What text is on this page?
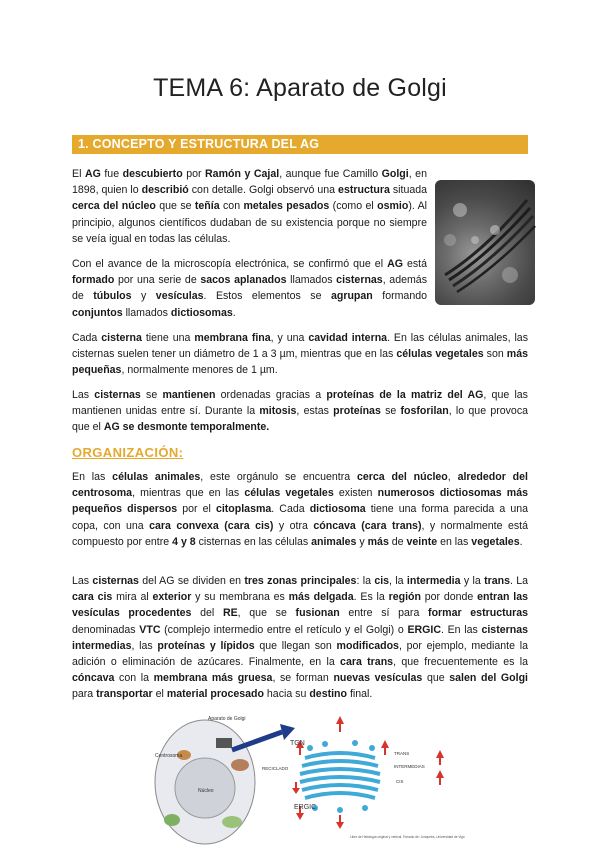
TEMA 6: Aparato de Golgi
1. CONCEPTO Y ESTRUCTURA DEL AG

El AG fue descubierto por Ramón y Cajal, aunque fue Camillo Golgi, en 1898, quien lo describió con detalle. Golgi observó una estructura situada cerca del núcleo que se teñía con metales pesados (como el osmio). Al principio, algunos científicos dudaban de su existencia porque no siempre se veía igual en todas las células.

Con el avance de la microscopía electrónica, se confirmó que el AG está formado por una serie de sacos aplanados llamados cisternas, además de túbulos y vesículas. Estos elementos se agrupan formando conjuntos llamados dictiosomas.

Cada cisterna tiene una membrana fina, y una cavidad interna. En las células animales, las cisternas suelen tener un diámetro de 1 a 3 µm, mientras que en las células vegetales son más pequeñas, normalmente menores de 1 µm.

Las cisternas se mantienen ordenadas gracias a proteínas de la matriz del AG, que las mantienen unidas entre sí. Durante la mitosis, estas proteínas se fosforilan, lo que provoca que el AG se desmonte temporalmente.

ORGANIZACIÓN:

En las células animales, este orgánulo se encuentra cerca del núcleo, alrededor del centrosoma, mientras que en las células vegetales existen numerosos dictiosomas más pequeños dispersos por el citoplasma. Cada dictiosoma tiene una forma parecida a una copa, con una cara convexa (cara cis) y otra cóncava (cara trans), y normalmente está compuesto por entre 4 y 8 cisternas en las células animales y más de veinte en las vegetales.

Las cisternas del AG se dividen en tres zonas principales: la cis, la intermedia y la trans. La cara cis mira al exterior y su membrana es más delgada. Es la región por donde entran las vesículas procedentes del RE, que se fusionan entre sí para formar estructuras denominadas VTC (complejo intermedio entre el retículo y el Golgi) o ERGIC. En las cisternas intermedias, las proteínas y lípidos que llegan son modificados, por ejemplo, mediante la adición o eliminación de azúcares. Finalmente, en la cara trans, que frecuentemente es la cóncava con la membrana más gruesa, se forman nuevas vesículas que salen del Golgi para transportar el material procesado hacia su destino final.

Aparato de Golgi
Centrosoma
Núcleo
TGN
RECICLADO
TRANS
INTERMEDIAS
CIS
ERGIC
Libre de Histología original y vertical. Tomado de: Junqueira, Universidad de Vigo
